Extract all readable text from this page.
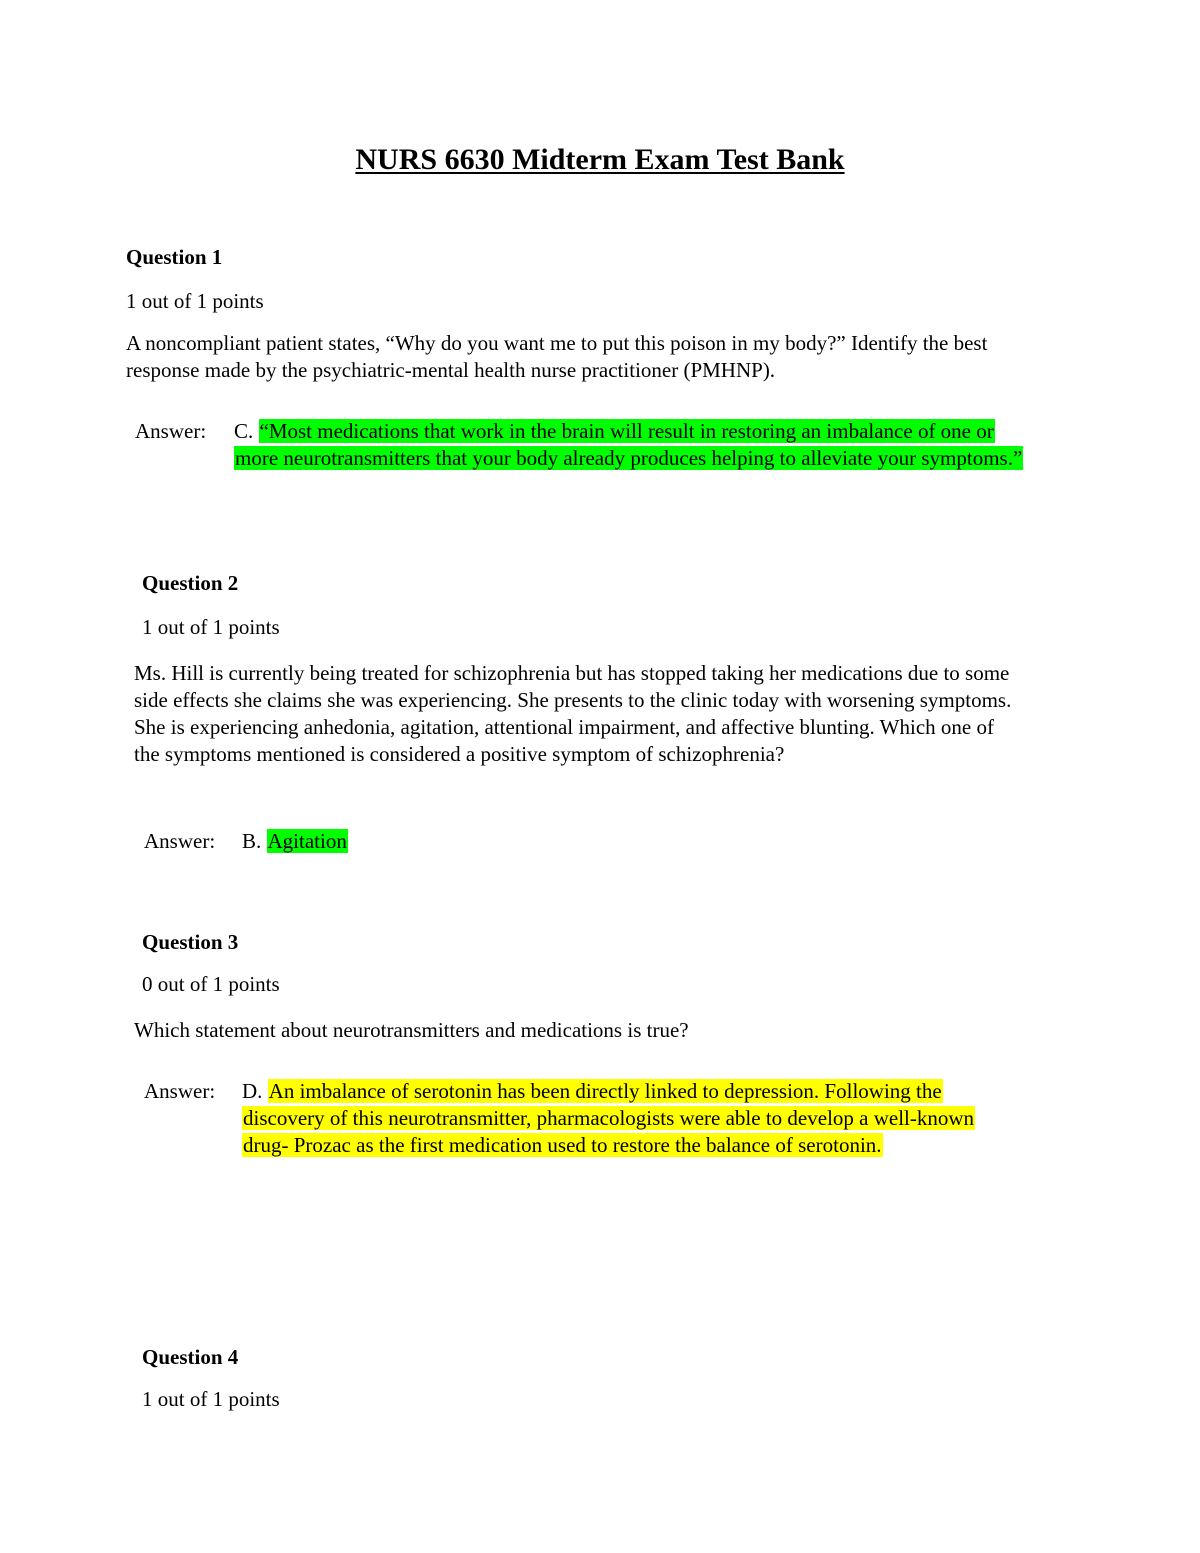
NURS 6630 Midterm Exam Test Bank
Question 1
1 out of 1 points
A noncompliant patient states, “Why do you want me to put this poison in my body?” Identify the best response made by the psychiatric-mental health nurse practitioner (PMHNP).
Answer: C. “Most medications that work in the brain will result in restoring an imbalance of one or more neurotransmitters that your body already produces helping to alleviate your symptoms.”
Question 2
1 out of 1 points
Ms. Hill is currently being treated for schizophrenia but has stopped taking her medications due to some side effects she claims she was experiencing. She presents to the clinic today with worsening symptoms. She is experiencing anhedonia, agitation, attentional impairment, and affective blunting. Which one of the symptoms mentioned is considered a positive symptom of schizophrenia?
Answer: B. Agitation
Question 3
0 out of 1 points
Which statement about neurotransmitters and medications is true?
Answer: D. An imbalance of serotonin has been directly linked to depression. Following the discovery of this neurotransmitter, pharmacologists were able to develop a well-known drug- Prozac as the first medication used to restore the balance of serotonin.
Question 4
1 out of 1 points
